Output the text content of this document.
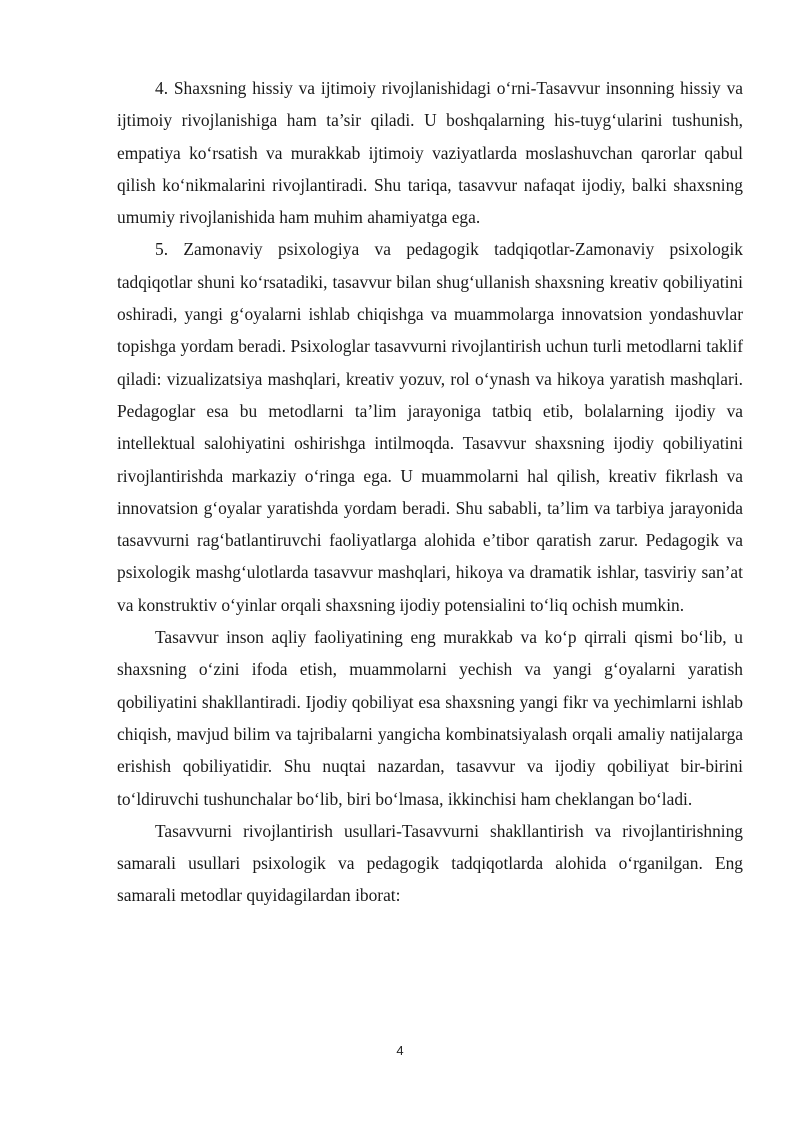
4. Shaxsning hissiy va ijtimoiy rivojlanishidagi o‘rni-Tasavvur insonning hissiy va ijtimoiy rivojlanishiga ham ta’sir qiladi. U boshqalarning his-tuyg‘ularini tushunish, empatiya ko‘rsatish va murakkab ijtimoiy vaziyatlarda moslashuvchan qarorlar qabul qilish ko‘nikmalarini rivojlantiradi. Shu tariqa, tasavvur nafaqat ijodiy, balki shaxsning umumiy rivojlanishida ham muhim ahamiyatga ega.

5. Zamonaviy psixologiya va pedagogik tadqiqotlar-Zamonaviy psixologik tadqiqotlar shuni ko‘rsatadiki, tasavvur bilan shug‘ullanish shaxsning kreativ qobiliyatini oshiradi, yangi g‘oyalarni ishlab chiqishga va muammolarga innovatsion yondashuvlar topishga yordam beradi. Psixologlar tasavvurni rivojlantirish uchun turli metodlarni taklif qiladi: vizualizatsiya mashqlari, kreativ yozuv, rol o‘ynash va hikoya yaratish mashqlari. Pedagoglar esa bu metodlarni ta’lim jarayoniga tatbiq etib, bolalarning ijodiy va intellektual salohiyatini oshirishga intilmoqda. Tasavvur shaxsning ijodiy qobiliyatini rivojlantirishda markaziy o‘ringa ega. U muammolarni hal qilish, kreativ fikrlash va innovatsion g‘oyalar yaratishda yordam beradi. Shu sababli, ta’lim va tarbiya jarayonida tasavvurni rag‘batlantiruvchi faoliyatlarga alohida e’tibor qaratish zarur. Pedagogik va psixologik mashg‘ulotlarda tasavvur mashqlari, hikoya va dramatik ishlar, tasviriy san’at va konstruktiv o‘yinlar orqali shaxsning ijodiy potensialini to‘liq ochish mumkin.

Tasavvur inson aqliy faoliyatining eng murakkab va ko‘p qirrali qismi bo‘lib, u shaxsning o‘zini ifoda etish, muammolarni yechish va yangi g‘oyalarni yaratish qobiliyatini shakllantiradi. Ijodiy qobiliyat esa shaxsning yangi fikr va yechimlarni ishlab chiqish, mavjud bilim va tajribalarni yangicha kombinatsiyalash orqali amaliy natijalarga erishish qobiliyatidir. Shu nuqtai nazardan, tasavvur va ijodiy qobiliyat bir-birini to‘ldiruvchi tushunchalar bo‘lib, biri bo‘lmasa, ikkinchisi ham cheklangan bo‘ladi.

Tasavvurni rivojlantirish usullari-Tasavvurni shakllantirish va rivojlantirishning samarali usullari psixologik va pedagogik tadqiqotlarda alohida o‘rganilgan. Eng samarali metodlar quyidagilardan iborat:

4
